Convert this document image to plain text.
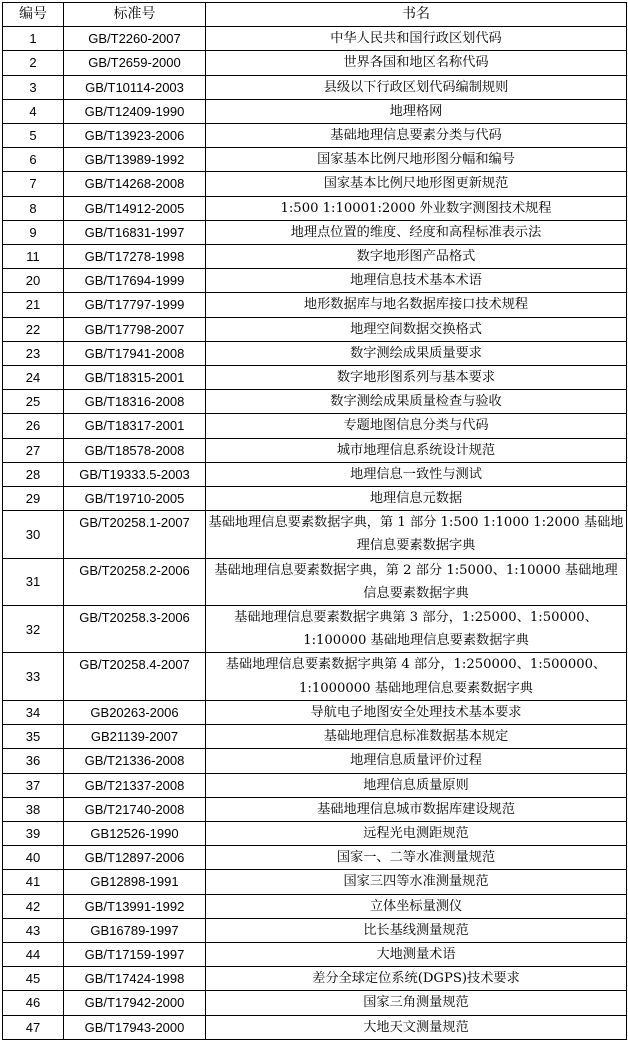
编号	标准号	书名
1	GB/T2260-2007	中华人民共和国行政区划代码
2	GB/T2659-2000	世界各国和地区名称代码
3	GB/T10114-2003	县级以下行政区划代码编制规则
4	GB/T12409-1990	地理格网
5	GB/T13923-2006	基础地理信息要素分类与代码
6	GB/T13989-1992	国家基本比例尺地形图分幅和编号
7	GB/T14268-2008	国家基本比例尺地形图更新规范
8	GB/T14912-2005	1:500 1:10001:2000 外业数字测图技术规程
9	GB/T16831-1997	地理点位置的维度、经度和高程标准表示法
11	GB/T17278-1998	数字地形图产品格式
20	GB/T17694-1999	地理信息技术基本术语
21	GB/T17797-1999	地形数据库与地名数据库接口技术规程
22	GB/T17798-2007	地理空间数据交换格式
23	GB/T17941-2008	数字测绘成果质量要求
24	GB/T18315-2001	数字地形图系列与基本要求
25	GB/T18316-2008	数字测绘成果质量检查与验收
26	GB/T18317-2001	专题地图信息分类与代码
27	GB/T18578-2008	城市地理信息系统设计规范
28	GB/T19333.5-2003	地理信息一致性与测试
29	GB/T19710-2005	地理信息元数据
30	GB/T20258.1-2007	基础地理信息要素数据字典，第 1 部分 1:500 1:1000 1:2000 基础地理信息要素数据字典
31	GB/T20258.2-2006	基础地理信息要素数据字典，第 2 部分 1:5000、1:10000 基础地理信息要素数据字典
32	GB/T20258.3-2006	基础地理信息要素数据字典第 3 部分，1:25000、1:50000、1:100000 基础地理信息要素数据字典
33	GB/T20258.4-2007	基础地理信息要素数据字典第 4 部分，1:250000、1:500000、1:1000000 基础地理信息要素数据字典
34	GB20263-2006	导航电子地图安全处理技术基本要求
35	GB21139-2007	基础地理信息标准数据基本规定
36	GB/T21336-2008	地理信息质量评价过程
37	GB/T21337-2008	地理信息质量原则
38	GB/T21740-2008	基础地理信息城市数据库建设规范
39	GB12526-1990	远程光电测距规范
40	GB/T12897-2006	国家一、二等水准测量规范
41	GB12898-1991	国家三四等水准测量规范
42	GB/T13991-1992	立体坐标量测仪
43	GB16789-1997	比长基线测量规范
44	GB/T17159-1997	大地测量术语
45	GB/T17424-1998	差分全球定位系统(DGPS)技术要求
46	GB/T17942-2000	国家三角测量规范
47	GB/T17943-2000	大地天文测量规范
